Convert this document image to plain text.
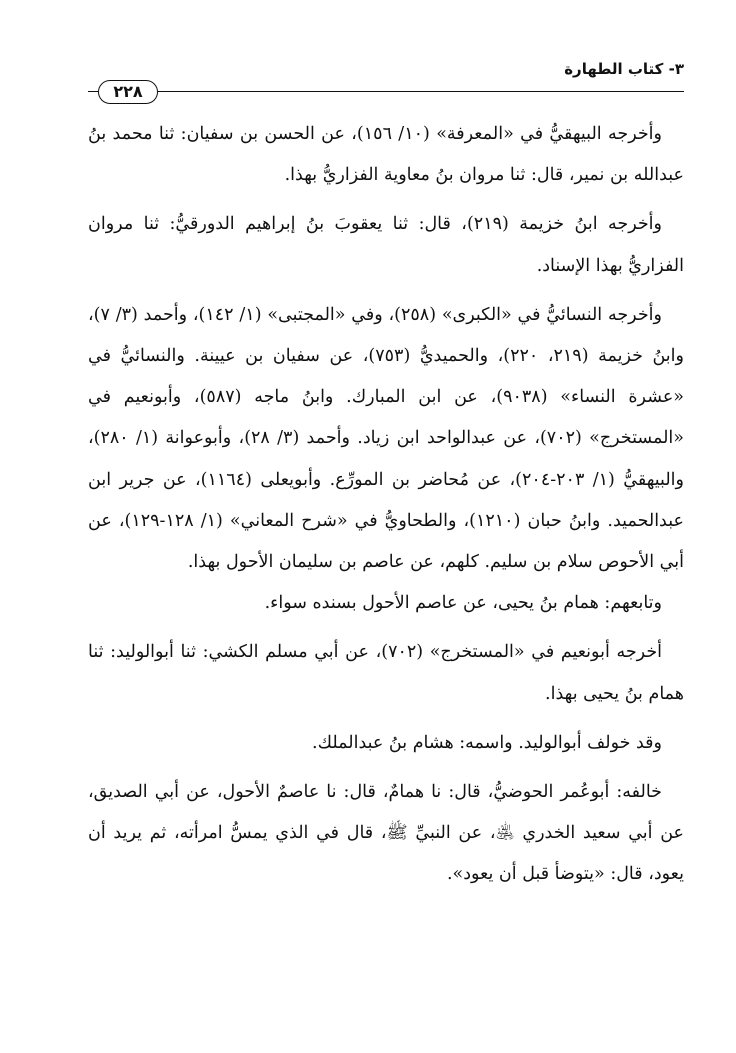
٣- كتاب الطهارة
٢٢٨

وأخرجه البيهقيُّ في «المعرفة» (١٠/ ١٥٦)، عن الحسن بن سفيان: ثنا محمد بنُ عبدالله بن نمير، قال: ثنا مروان بنُ معاوية الفزاريُّ بهذا.

وأخرجه ابنُ خزيمة (٢١٩)، قال: ثنا يعقوبَ بنُ إبراهيم الدورقيُّ: ثنا مروان الفزاريُّ بهذا الإسناد.

وأخرجه النسائيُّ في «الكبرى» (٢٥٨)، وفي «المجتبى» (١/ ١٤٢)، وأحمد (٣/ ٧)، وابنُ خزيمة (٢١٩، ٢٢٠)، والحميديُّ (٧٥٣)، عن سفيان بن عيينة. والنسائيُّ في «عشرة النساء» (٩٠٣٨)، عن ابن المبارك. وابنُ ماجه (٥٨٧)، وأبونعيم في «المستخرج» (٧٠٢)، عن عبدالواحد ابن زياد. وأحمد (٣/ ٢٨)، وأبوعوانة (١/ ٢٨٠)، والبيهقيُّ (١/ ٢٠٣-٢٠٤)، عن مُحاضر بن المورِّع. وأبويعلى (١١٦٤)، عن جرير ابن عبدالحميد. وابنُ حبان (١٢١٠)، والطحاويُّ في «شرح المعاني» (١/ ١٢٨-١٢٩)، عن أبي الأحوص سلام بن سليم. كلهم، عن عاصم بن سليمان الأحول بهذا.

وتابعهم: همام بنُ يحيى، عن عاصم الأحول بسنده سواء.

أخرجه أبونعيم في «المستخرج» (٧٠٢)، عن أبي مسلم الكشي: ثنا أبوالوليد: ثنا همام بنُ يحيى بهذا.

وقد خولف أبوالوليد. واسمه: هشام بنُ عبدالملك.

خالفه: أبوعُمر الحوضيُّ، قال: نا همامٌ، قال: نا عاصمٌ الأحول، عن أبي الصديق، عن أبي سعيد الخدري ﵁، عن النبيِّ ﷺ، قال في الذي يمسُّ امرأته، ثم يريد أن يعود، قال: «يتوضأ قبل أن يعود».
